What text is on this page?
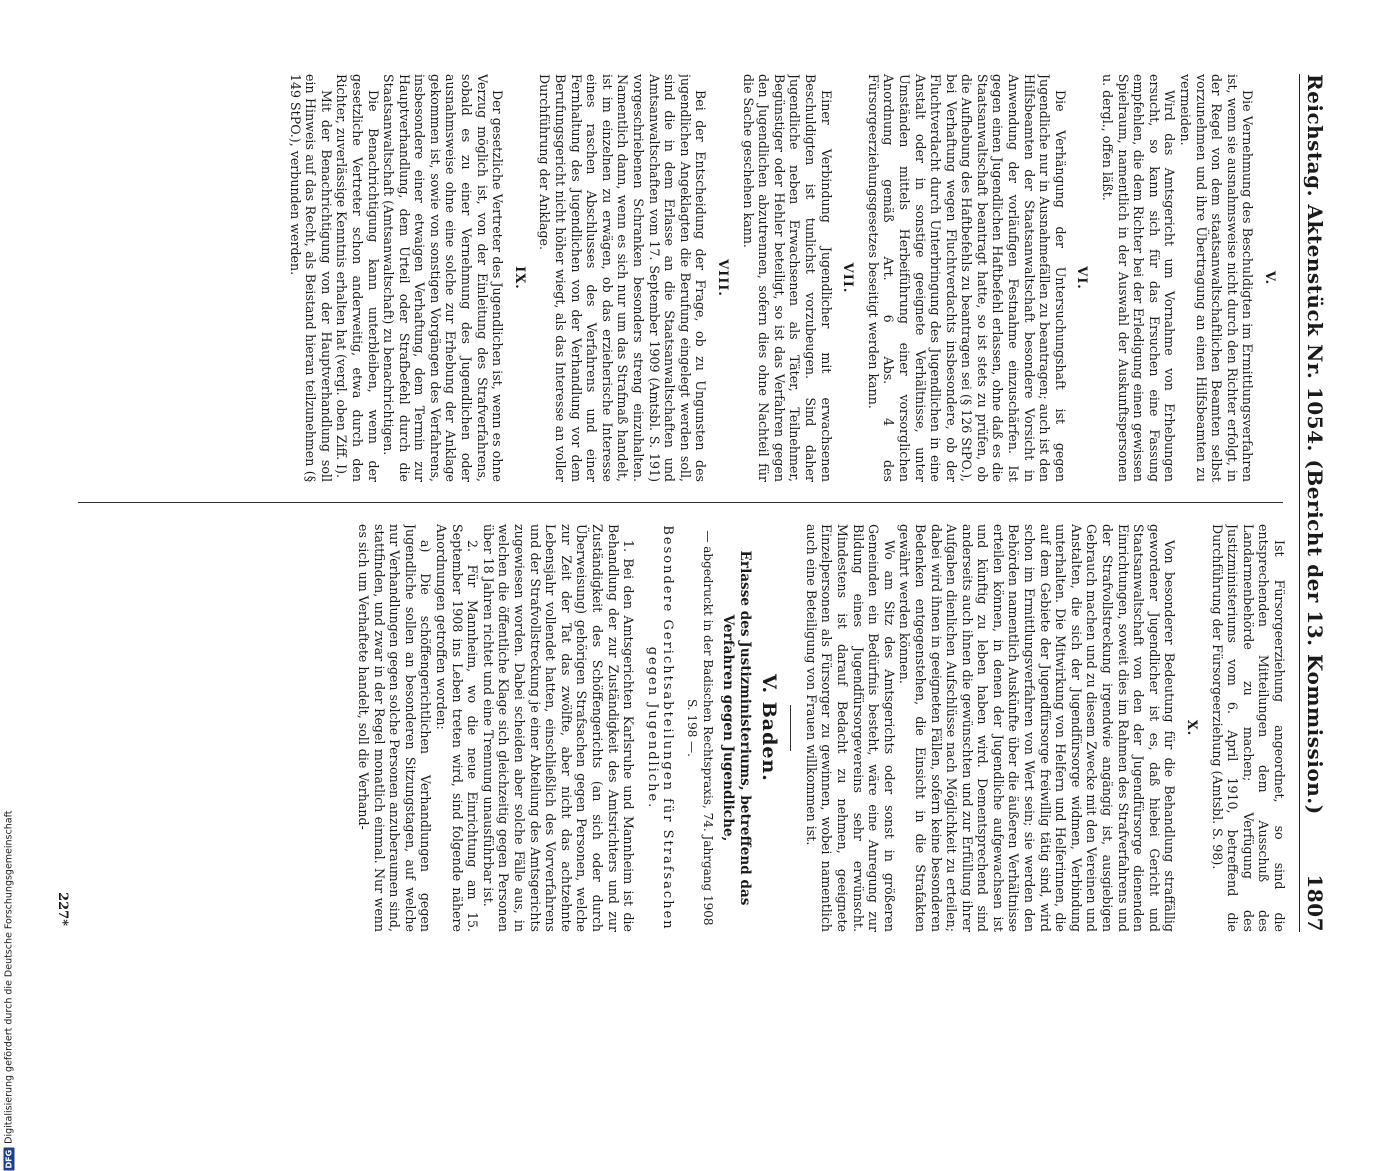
Reichstag. Aktenstück Nr. 1054. (Bericht der 13. Kommission.)
1807
V.

Die Vernehmung des Beschuldigten im Ermittlungsverfahren ist, wenn sie ausnahmsweise nicht durch den Richter erfolgt, in der Regel von dem staatsanwaltschaftlichen Beamten selbst vorzunehmen und ihre Übertragung an einen Hilfsbeamten zu vermeiden.

Wird das Amtsgericht um Vornahme von Erhebungen ersucht, so kann sich für das Ersuchen eine Fassung empfehlen, die dem Richter bei der Erledigung einen gewissen Spielraum, namentlich in der Auswahl der Auskunftspersonen u. dergl., offen läßt.

VI.

Die Verhängung der Untersuchungshaft ist gegen Jugendliche nur in Ausnahmefällen zu beantragen; auch ist den Hilfsbeamten der Staatsanwaltschaft besondere Vorsicht in Anwendung der vorläufigen Festnahme einzuschärfen. Ist gegen einen Jugendlichen Haftbefehl erlassen, ohne daß es die Staatsanwaltschaft beantragt hatte, so ist stets zu prüfen, ob die Aufhebung des Haftbefehls zu beantragen sei (§ 126 StPO.), bei Verhaftung wegen Fluchtverdachts insbesondere, ob der Fluchtverdacht durch Unterbringung des Jugendlichen in eine Anstalt oder in sonstige geeignete Verhältnisse, unter Umständen mittels Herbeiführung einer vorsorglichen Anordnung gemäß Art. 6 Abs. 4 des Fürsorgeerziehungsgesetzes beseitigt werden kann.

VII.

Einer Verbindung Jugendlicher mit erwachsenen Beschuldigten ist tunlichst vorzubeugen. Sind daher Jugendliche neben Erwachsenen als Täter, Teilnehmer, Begünstiger oder Hehler beteiligt, so ist das Verfahren gegen den Jugendlichen abzutrennen, sofern dies ohne Nachteil für die Sache geschehen kann.

VIII.

Bei der Entscheidung der Frage, ob zu Ungunsten des jugendlichen Angeklagten die Berufung eingelegt werden soll, sind die in dem Erlasse an die Staatsanwaltschaften und Amtsanwaltschaften vom 17. September 1909 (Amtsbl. S. 191) vorgeschriebenen Schranken besonders streng einzuhalten. Namentlich dann, wenn es sich nur um das Strafmaß handelt, ist im einzelnen zu erwägen, ob das erzieherische Interesse eines raschen Abschlusses des Verfahrens und einer Fernhaltung des Jugendlichen von der Verhandlung vor dem Berufungsgericht nicht höher wiegt, als das Interesse an voller Durchführung der Anklage.

IX.

Der gesetzliche Vertreter des Jugendlichen ist, wenn es ohne Verzug möglich ist, von der Einleitung des Strafverfahrens, sobald es zu einer Vernehmung des Jugendlichen oder ausnahmsweise ohne eine solche zur Erhebung der Anklage gekommen ist, sowie von sonstigen Vorgängen des Verfahrens, insbesondere einer etwaigen Verhaftung, dem Termin zur Hauptverhandlung, dem Urteil oder Strafbefehl durch die Staatsanwaltschaft (Amtsanwaltschaft) zu benachrichtigen.

Die Benachrichtigung kann unterbleiben, wenn der gesetzliche Vertreter schon anderweitig, etwa durch den Richter, zuverlässige Kenntnis erhalten hat (vergl. oben Ziff. I).

Mit der Benachrichtigung von der Hauptverhandlung soll ein Hinweis auf das Recht, als Beistand hieran teilzunehmen (§ 149 StPO.), verbunden werden.

Ist Fürsorgeerziehung angeordnet, so sind die entsprechenden Mitteilungen dem Ausschuß des Landarmenbehörde zu machen; Verfügung des Justizministeriums vom 6. April 1910, betreffend die Durchführung der Fürsorgeerziehung (Amtsbl. S. 98).

X.

Von besonderer Bedeutung für die Behandlung straffällig gewordener Jugendlicher ist es, daß hiebei Gericht und Staatsanwaltschaft von den der Jugendfürsorge dienenden Einrichtungen, soweit dies im Rahmen des Strafverfahrens und der Strafvollstreckung irgendwie angängig ist, ausgiebigen Gebrauch machen und zu diesem Zwecke mit den Vereinen und Anstalten, die sich der Jugendfürsorge widmen, Verbindung unterhalten. Die Mitwirkung von Helfern und Helferinnen, die auf dem Gebiete der Jugendfürsorge freiwillig tätig sind, wird schon im Ermittlungsverfahren von Wert sein; sie werden den Behörden namentlich Auskünfte über die äußeren Verhältnisse erteilen können, in denen der Jugendliche aufgewachsen ist und künftig zu leben haben wird. Dementsprechend sind anderseits auch ihnen die gewünschten und zur Erfüllung ihrer Aufgaben dienlichen Aufschlüsse nach Möglichkeit zu erteilen; dabei wird ihnen in geeigneten Fällen, sofern keine besonderen Bedenken entgegenstehen, die Einsicht in die Strafakten gewährt werden können.

Wo am Sitz des Amtsgerichts oder sonst in größeren Gemeinden ein Bedürfnis besteht, wäre eine Anregung zur Bildung eines Jugendfürsorgevereins sehr erwünscht. Mindestens ist darauf Bedacht zu nehmen, geeignete Einzelpersonen als Fürsorger zu gewinnen, wobei namentlich auch eine Beteiligung von Frauen willkommen ist.

V. Baden.
Erlasse des Justizministeriums, betreffend das Verfahren gegen Jugendliche,
— abgedruckt in der Badischen Rechtspraxis, 74. Jahrgang 1908 S. 198 —.
Besondere Gerichtsabteilungen für Strafsachen gegen Jugendliche.

1. Bei den Amtsgerichten Karlsruhe und Mannheim ist die Behandlung der zur Zuständigkeit des Amtsrichters und zur Zuständigkeit des Schöffengerichts (an sich oder durch Überweisung) gehörigen Strafsachen gegen Personen, welche zur Zeit der Tat das zwölfte, aber nicht das achtzehnte Lebensjahr vollendet hatten, einschließlich des Vorverfahrens und der Strafvollstreckung je einer Abteilung des Amtsgerichts zugewiesen worden. Dabei scheiden aber solche Fälle aus, in welchen die öffentliche Klage sich gleichzeitig gegen Personen über 18 Jahren richtet und eine Trennung unausführbar ist.

2. Für Mannheim, wo die neue Einrichtung am 15. September 1908 ins Leben treten wird, sind folgende nähere Anordnungen getroffen worden:

a) Die schöffengerichtlichen Verhandlungen gegen Jugendliche sollen an besonderen Sitzungstagen, auf welche nur Verhandlungen gegen solche Personen anzuberaumen sind, stattfinden, und zwar in der Regel monatlich einmal. Nur wenn es sich um Verhaftete handelt, soll die Verhand-

227*
DFG
Digitalisierung gefördert durch die Deutsche Forschungsgemeinschaft
